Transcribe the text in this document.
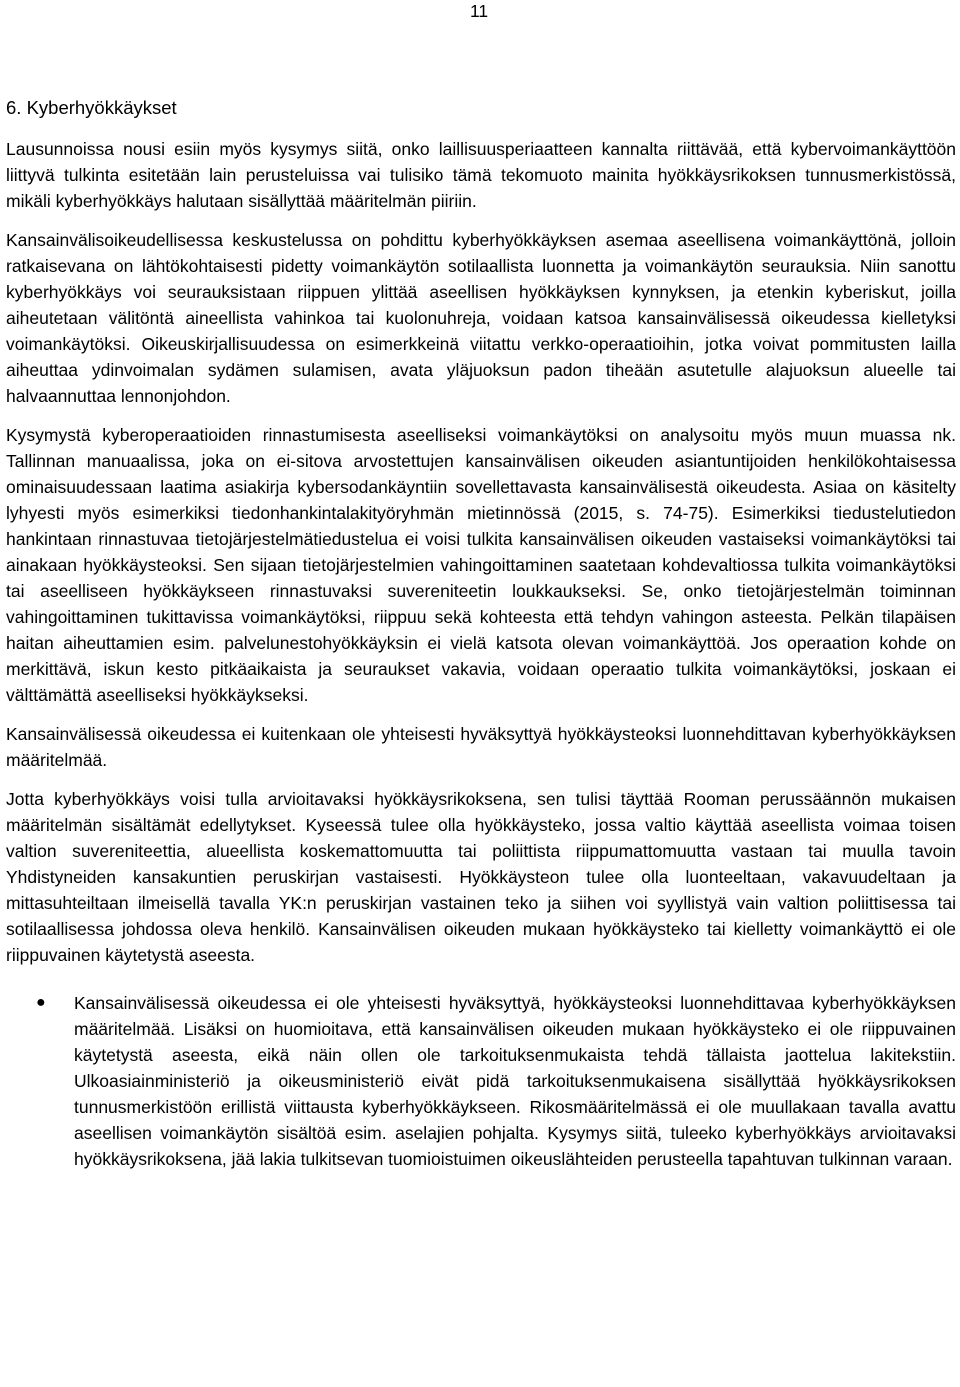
11
6. Kyberhyökkäykset

Lausunnoissa nousi esiin myös kysymys siitä, onko laillisuusperiaatteen kannalta riittävää, että kybervoimankäyttöön liittyvä tulkinta esitetään lain perusteluissa vai tulisiko tämä tekomuoto mainita hyökkäysrikoksen tunnusmerkistössä, mikäli kyberhyökkäys halutaan sisällyttää määritelmän piiriin.

Kansainvälisoikeudellisessa keskustelussa on pohdittu kyberhyökkäyksen asemaa aseellisena voimankäyttönä, jolloin ratkaisevana on lähtökohtaisesti pidetty voimankäytön sotilaallista luonnetta ja voimankäytön seurauksia. Niin sanottu kyberhyökkäys voi seurauksistaan riippuen ylittää aseellisen hyökkäyksen kynnyksen, ja etenkin kyberiskut, joilla aiheutetaan välitöntä aineellista vahinkoa tai kuolonuhreja, voidaan katsoa kansainvälisessä oikeudessa kielletyksi voimankäytöksi. Oikeuskirjallisuudessa on esimerkkeinä viitattu verkko-operaatioihin, jotka voivat pommitusten lailla aiheuttaa ydinvoimalan sydämen sulamisen, avata yläjuoksun padon tiheään asutetulle alajuoksun alueelle tai halvaannuttaa lennonjohdon.

Kysymystä kyberoperaatioiden rinnastumisesta aseelliseksi voimankäytöksi on analysoitu myös muun muassa nk. Tallinnan manuaalissa, joka on ei-sitova arvostettujen kansainvälisen oikeuden asiantuntijoiden henkilökohtaisessa ominaisuudessaan laatima asiakirja kybersodankäyntiin sovellettavasta kansainvälisestä oikeudesta. Asiaa on käsitelty lyhyesti myös esimerkiksi tiedonhankintalakityöryhmän mietinnössä (2015, s. 74-75). Esimerkiksi tiedustelutiedon hankintaan rinnastuvaa tietojärjestelmätiedustelua ei voisi tulkita kansainvälisen oikeuden vastaiseksi voimankäytöksi tai ainakaan hyökkäysteoksi. Sen sijaan tietojärjestelmien vahingoittaminen saatetaan kohdevaltiossa tulkita voimankäytöksi tai aseelliseen hyökkäykseen rinnastuvaksi suvereniteetin loukkaukseksi. Se, onko tietojärjestelmän toiminnan vahingoittaminen tukittavissa voimankäytöksi, riippuu sekä kohteesta että tehdyn vahingon asteesta. Pelkän tilapäisen haitan aiheuttamien esim. palvelunestohyökkäyksin ei vielä katsota olevan voimankäyttöä. Jos operaation kohde on merkittävä, iskun kesto pitkäaikaista ja seuraukset vakavia, voidaan operaatio tulkita voimankäytöksi, joskaan ei välttämättä aseelliseksi hyökkäykseksi.

Kansainvälisessä oikeudessa ei kuitenkaan ole yhteisesti hyväksyttyä hyökkäysteoksi luonnehdittavan kyberhyökkäyksen määritelmää.

Jotta kyberhyökkäys voisi tulla arvioitavaksi hyökkäysrikoksena, sen tulisi täyttää Rooman perussäännön mukaisen määritelmän sisältämät edellytykset. Kyseessä tulee olla hyökkäysteko, jossa valtio käyttää aseellista voimaa toisen valtion suvereniteettia, alueellista koskemattomuutta tai poliittista riippumattomuutta vastaan tai muulla tavoin Yhdistyneiden kansakuntien peruskirjan vastaisesti. Hyökkäysteon tulee olla luonteeltaan, vakavuudeltaan ja mittasuhteiltaan ilmeisellä tavalla YK:n peruskirjan vastainen teko ja siihen voi syyllistyä vain valtion poliittisessa tai sotilaallisessa johdossa oleva henkilö. Kansainvälisen oikeuden mukaan hyökkäysteko tai kielletty voimankäyttö ei ole riippuvainen käytetystä aseesta.

● Kansainvälisessä oikeudessa ei ole yhteisesti hyväksyttyä, hyökkäysteoksi luonnehdittavaa kyberhyökkäyksen määritelmää. Lisäksi on huomioitava, että kansainvälisen oikeuden mukaan hyökkäysteko ei ole riippuvainen käytetystä aseesta, eikä näin ollen ole tarkoituksenmukaista tehdä tällaista jaottelua lakitekstiin. Ulkoasiainministeriö ja oikeusministeriö eivät pidä tarkoituksenmukaisena sisällyttää hyökkäysrikoksen tunnusmerkistöön erillistä viittausta kyberhyökkäykseen. Rikosmääritelmässä ei ole muullakaan tavalla avattu aseellisen voimankäytön sisältöä esim. aselajien pohjalta. Kysymys siitä, tuleeko kyberhyökkäys arvioitavaksi hyökkäysrikoksena, jää lakia tulkitsevan tuomioistuimen oikeuslähteiden perusteella tapahtuvan tulkinnan varaan.
